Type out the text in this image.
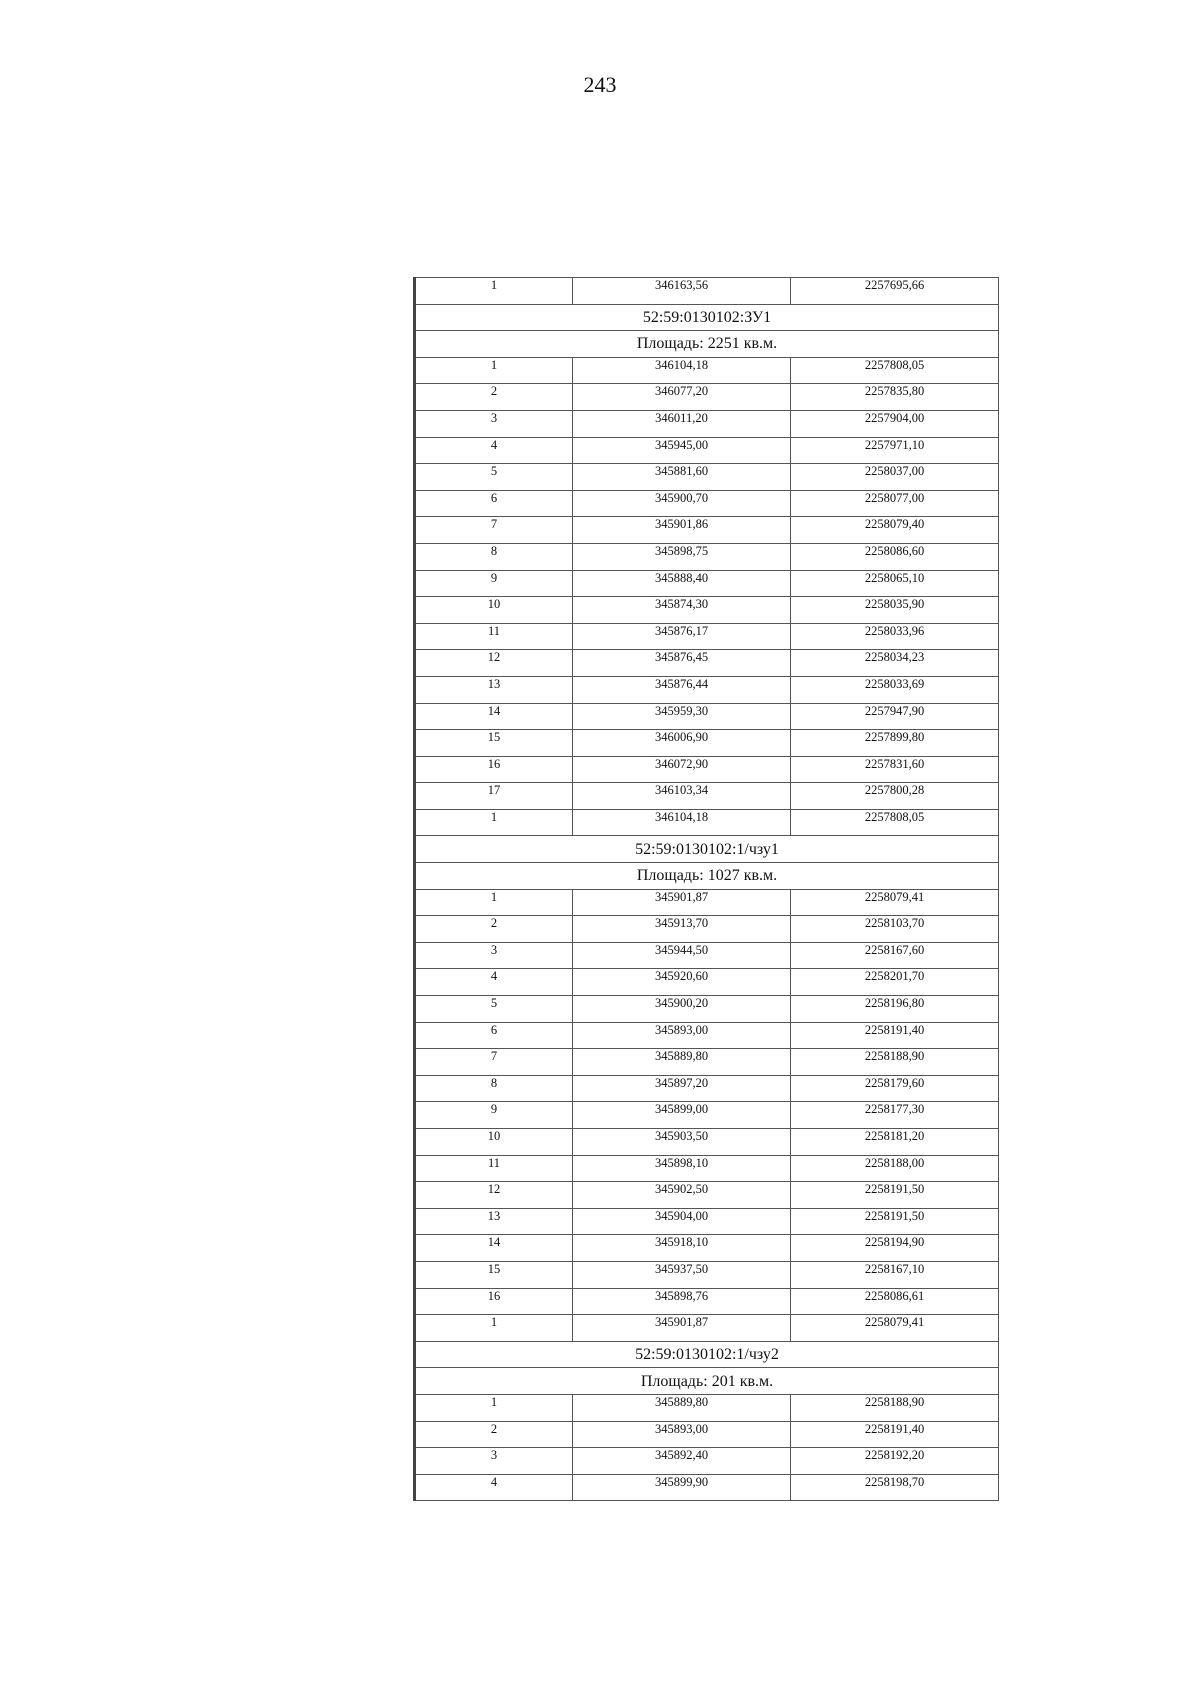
243
1	346163,56	2257695,66
52:59:0130102:ЗУ1		
Площадь: 2251 кв.м.		
1	346104,18	2257808,05
2	346077,20	2257835,80
3	346011,20	2257904,00
4	345945,00	2257971,10
5	345881,60	2258037,00
6	345900,70	2258077,00
7	345901,86	2258079,40
8	345898,75	2258086,60
9	345888,40	2258065,10
10	345874,30	2258035,90
11	345876,17	2258033,96
12	345876,45	2258034,23
13	345876,44	2258033,69
14	345959,30	2257947,90
15	346006,90	2257899,80
16	346072,90	2257831,60
17	346103,34	2257800,28
1	346104,18	2257808,05
52:59:0130102:1/чзу1		
Площадь: 1027 кв.м.		
1	345901,87	2258079,41
2	345913,70	2258103,70
3	345944,50	2258167,60
4	345920,60	2258201,70
5	345900,20	2258196,80
6	345893,00	2258191,40
7	345889,80	2258188,90
8	345897,20	2258179,60
9	345899,00	2258177,30
10	345903,50	2258181,20
11	345898,10	2258188,00
12	345902,50	2258191,50
13	345904,00	2258191,50
14	345918,10	2258194,90
15	345937,50	2258167,10
16	345898,76	2258086,61
1	345901,87	2258079,41
52:59:0130102:1/чзу2		
Площадь: 201 кв.м.		
1	345889,80	2258188,90
2	345893,00	2258191,40
3	345892,40	2258192,20
4	345899,90	2258198,70
